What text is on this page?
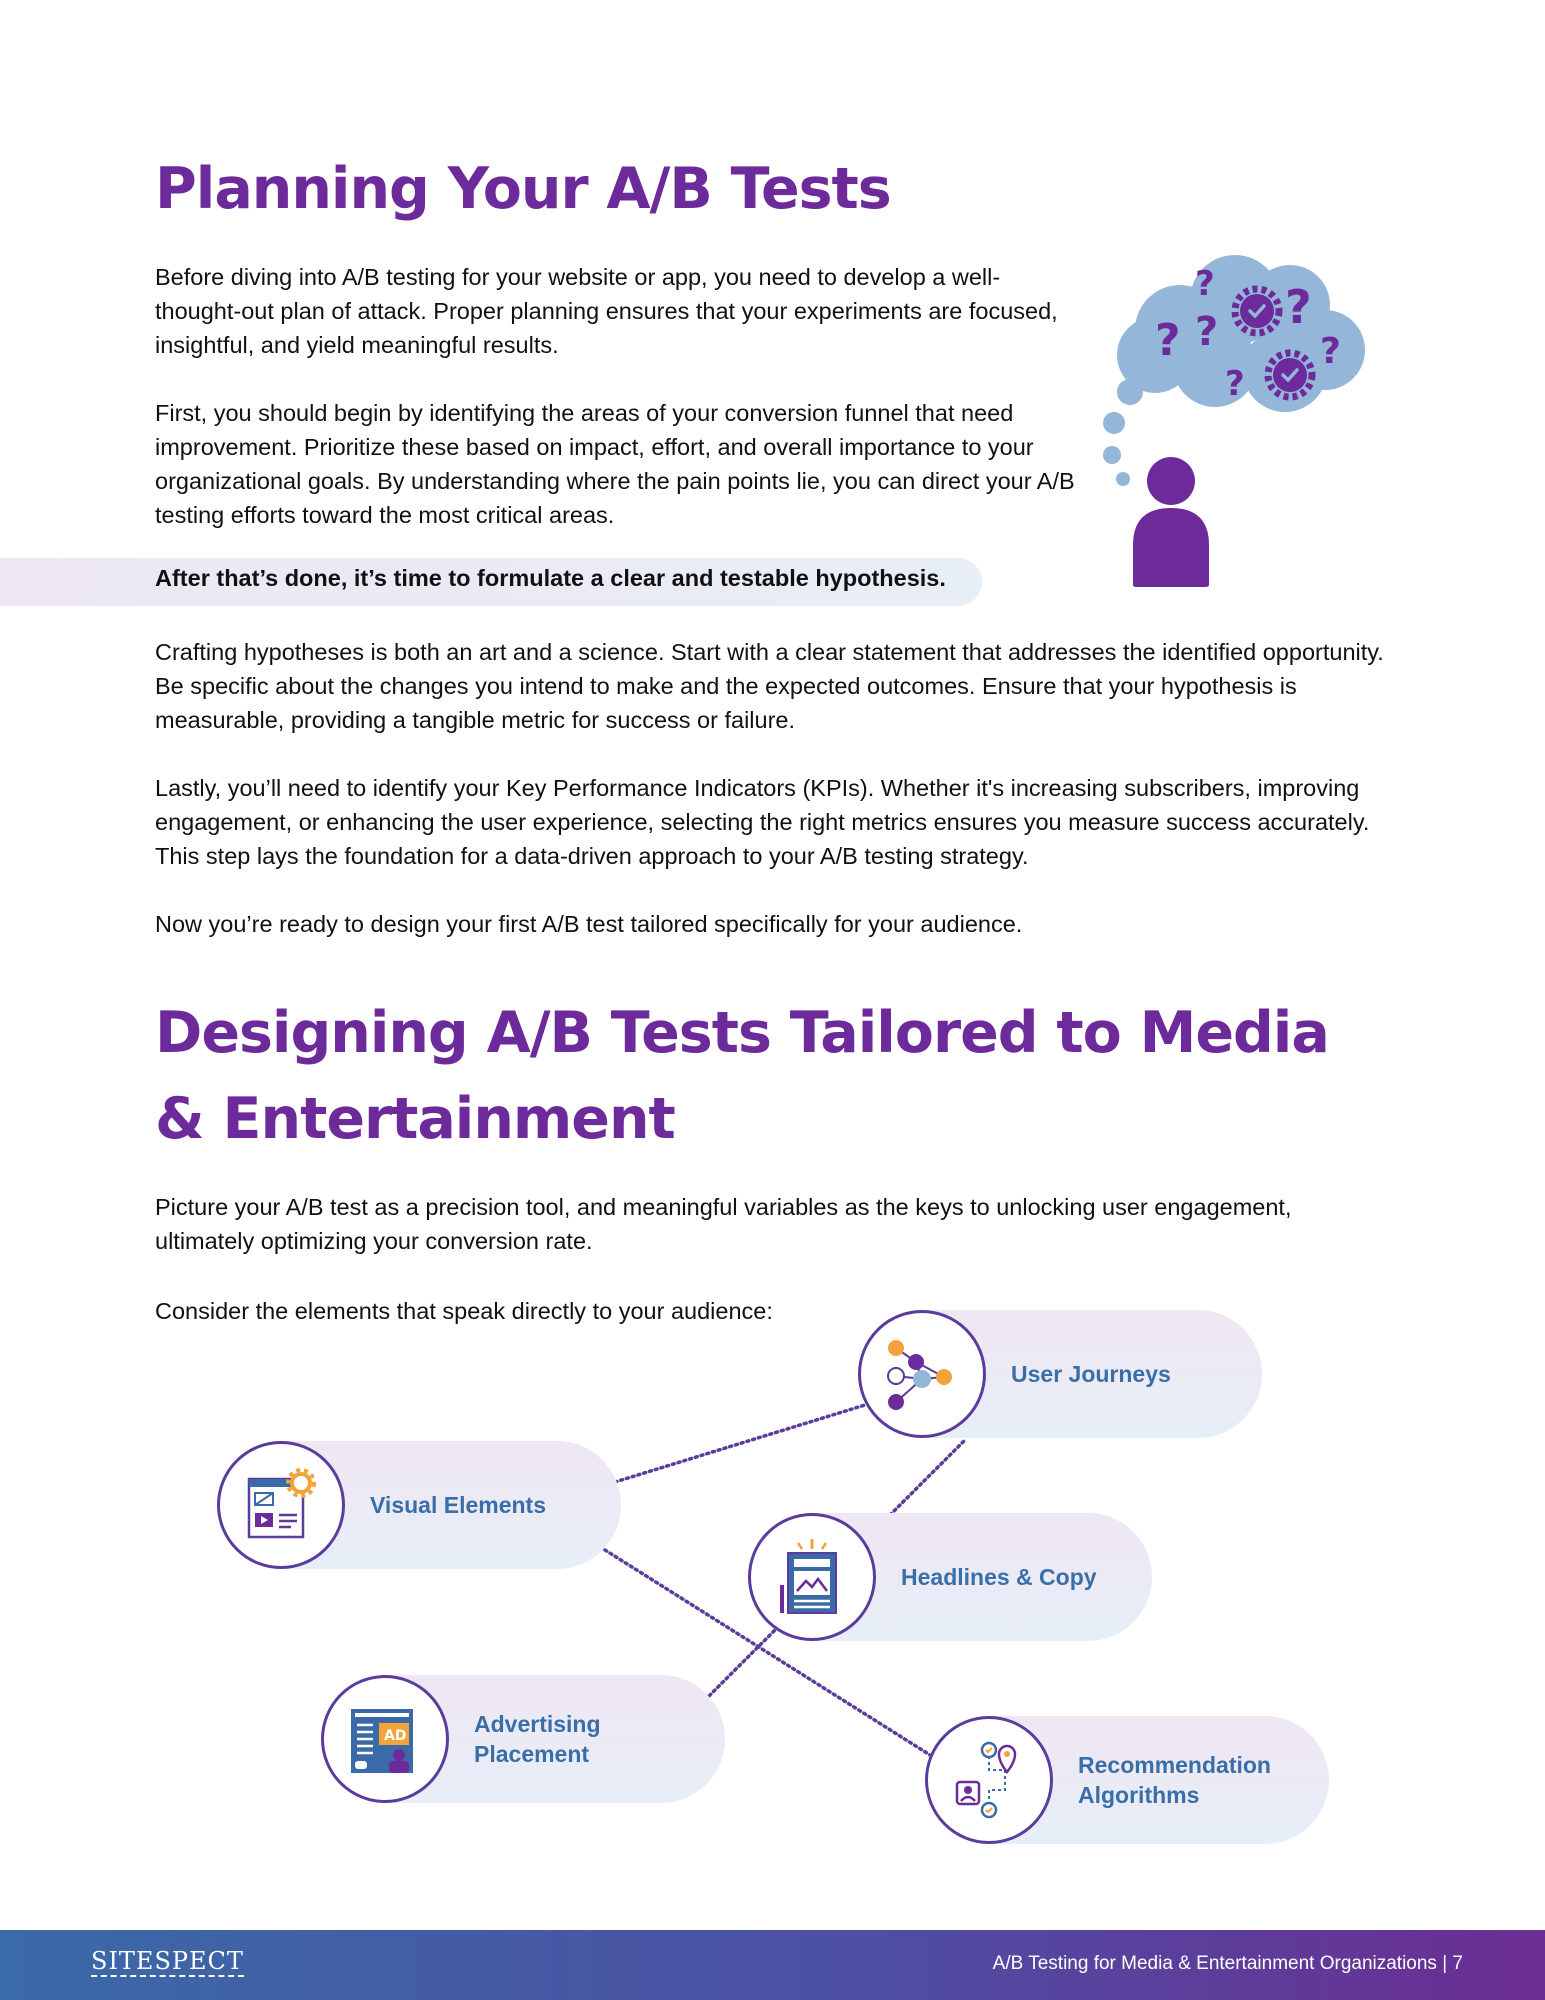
Planning Your A/B Tests

Before diving into A/B testing for your website or app, you need to develop a well-thought-out plan of attack. Proper planning ensures that your experiments are focused, insightful, and yield meaningful results.

First, you should begin by identifying the areas of your conversion funnel that need improvement. Prioritize these based on impact, effort, and overall importance to your organizational goals. By understanding where the pain points lie, you can direct your A/B testing efforts toward the most critical areas.

After that’s done, it’s time to formulate a clear and testable hypothesis.

Crafting hypotheses is both an art and a science. Start with a clear statement that addresses the identified opportunity. Be specific about the changes you intend to make and the expected outcomes. Ensure that your hypothesis is measurable, providing a tangible metric for success or failure.

Lastly, you’ll need to identify your Key Performance Indicators (KPIs). Whether it's increasing subscribers, improving engagement, or enhancing the user experience, selecting the right metrics ensures you measure success accurately. This step lays the foundation for a data-driven approach to your A/B testing strategy.

Now you’re ready to design your first A/B test tailored specifically for your audience.

?
? ? ?
?
?
Designing A/B Tests Tailored to Media & Entertainment

Picture your A/B test as a precision tool, and meaningful variables as the keys to unlocking user engagement, ultimately optimizing your conversion rate.

Consider the elements that speak directly to your audience:

User Journeys
Visual Elements
Headlines & Copy
AD	Advertising Placement	Recommendation Algorithms
SITESPECT	A/B Testing for Media & Entertainment Organizations | 7
